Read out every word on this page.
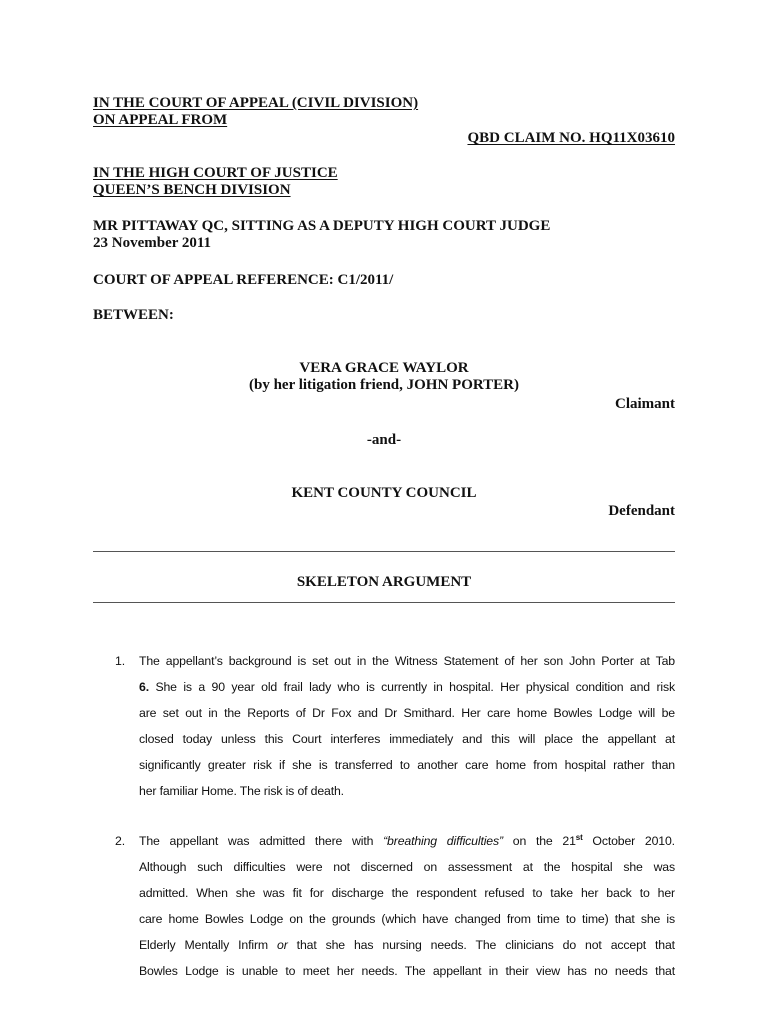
IN THE COURT OF APPEAL (CIVIL DIVISION)
ON APPEAL FROM
QBD CLAIM NO. HQ11X03610
IN THE HIGH COURT OF JUSTICE
QUEEN’S BENCH DIVISION
MR PITTAWAY QC, SITTING AS A DEPUTY HIGH COURT JUDGE
23 November 2011
COURT OF APPEAL REFERENCE: C1/2011/
BETWEEN:
VERA GRACE WAYLOR
(by her litigation friend, JOHN PORTER)
Claimant
-and-
KENT COUNTY COUNCIL
Defendant
SKELETON ARGUMENT
1.	The appellant’s background is set out in the Witness Statement of her son John Porter at Tab
6. She is a 90 year old frail lady who is currently in hospital. Her physical condition and risk
are set out in the Reports of Dr Fox and Dr Smithard. Her care home Bowles Lodge will be
closed today unless this Court interferes immediately and this will place the appellant at
significantly greater risk if she is transferred to another care home from hospital rather than
her familiar Home. The risk is of death.
2.	The appellant was admitted there with “breathing difficulties” on the 21st October 2010.
Although such difficulties were not discerned on assessment at the hospital she was
admitted. When she was fit for discharge the respondent refused to take her back to her
care home Bowles Lodge on the grounds (which have changed from time to time) that she is
Elderly Mentally Infirm or that she has nursing needs. The clinicians do not accept that
Bowles Lodge is unable to meet her needs. The appellant in their view has no needs that
